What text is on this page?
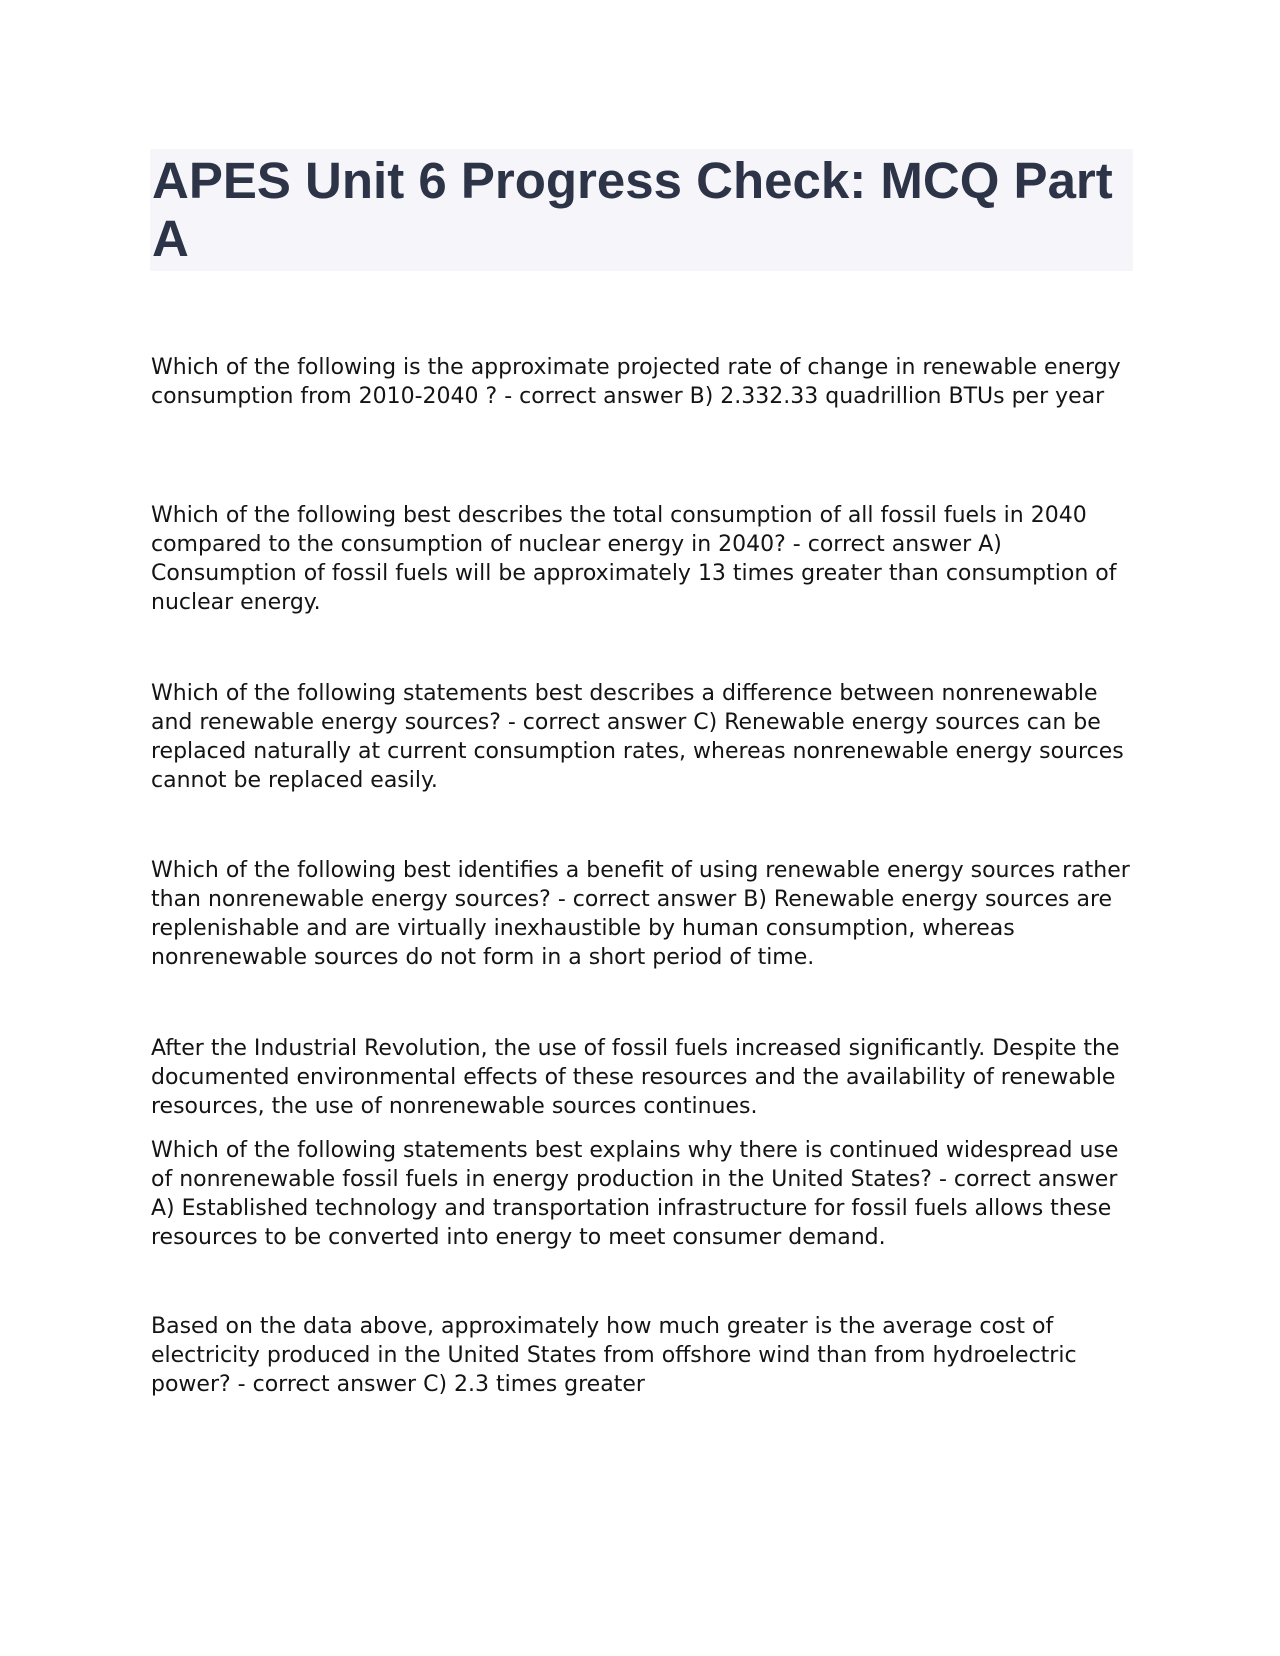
APES Unit 6 Progress Check: MCQ Part A

Which of the following is the approximate projected rate of change in renewable energy consumption from 2010-2040 ? - correct answer B) 2.332.33 quadrillion BTUs per year

Which of the following best describes the total consumption of all fossil fuels in 2040 compared to the consumption of nuclear energy in 2040? - correct answer A) Consumption of fossil fuels will be approximately 13 times greater than consumption of nuclear energy.

Which of the following statements best describes a difference between nonrenewable and renewable energy sources? - correct answer C) Renewable energy sources can be replaced naturally at current consumption rates, whereas nonrenewable energy sources cannot be replaced easily.

Which of the following best identifies a benefit of using renewable energy sources rather than nonrenewable energy sources? - correct answer B) Renewable energy sources are replenishable and are virtually inexhaustible by human consumption, whereas nonrenewable sources do not form in a short period of time.

After the Industrial Revolution, the use of fossil fuels increased significantly. Despite the documented environmental effects of these resources and the availability of renewable resources, the use of nonrenewable sources continues.

Which of the following statements best explains why there is continued widespread use of nonrenewable fossil fuels in energy production in the United States? - correct answer A) Established technology and transportation infrastructure for fossil fuels allows these resources to be converted into energy to meet consumer demand.

Based on the data above, approximately how much greater is the average cost of electricity produced in the United States from offshore wind than from hydroelectric power? - correct answer C) 2.3 times greater
